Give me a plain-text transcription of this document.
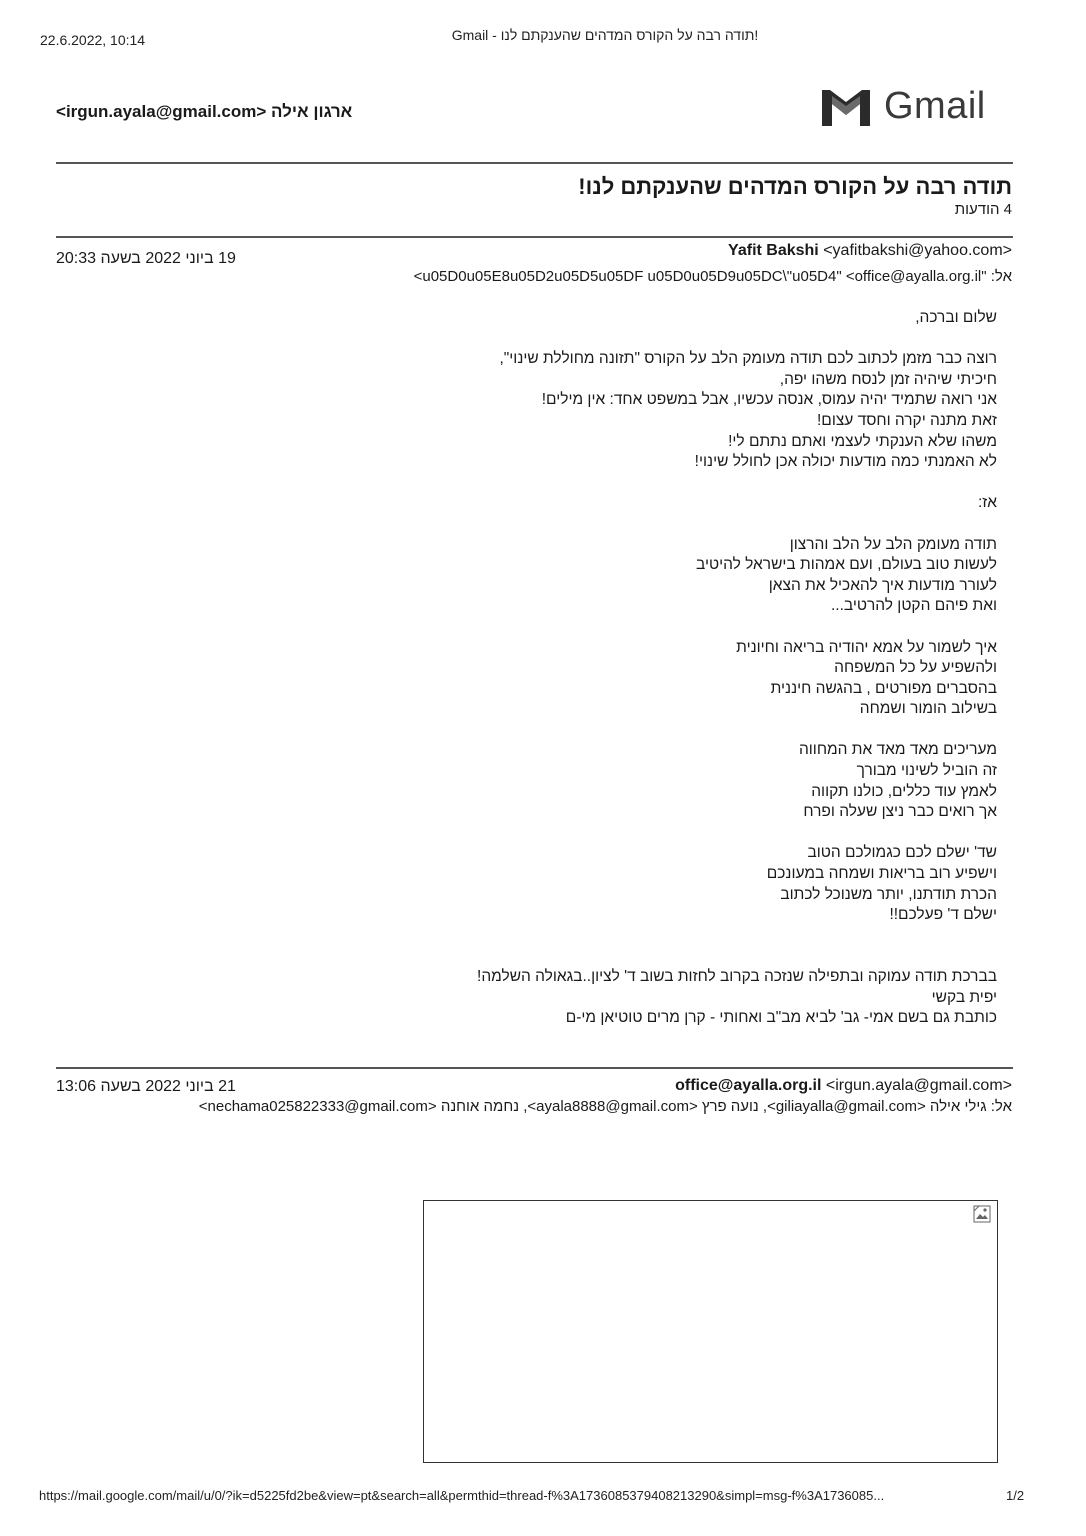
22.6.2022, 10:14	Gmail - תודה רבה על הקורס המדהים שהענקתם לנו!
Gmail
ארגון אילה <irgun.ayala@gmail.com>
תודה רבה על הקורס המדהים שהענקתם לנו!
4 הודעות
Yafit Bakshi <yafitbakshi@yahoo.com>
19 ביוני 2022 בשעה 20:33
אל: "u05D0u05E8u05D2u05D5u05DF u05D0u05D9u05DC\"u05D4" <office@ayalla.org.il>

שלום וברכה,

רוצה כבר מזמן לכתוב לכם תודה מעומק הלב על הקורס "תזונה מחוללת שינוי",

חיכיתי שיהיה זמן לנסח משהו יפה,

אני רואה שתמיד יהיה עמוס, אנסה עכשיו, אבל במשפט אחד: אין מילים!

זאת מתנה יקרה וחסד עצום!

משהו שלא הענקתי לעצמי ואתם נתתם לי!

לא האמנתי כמה מודעות יכולה אכן לחולל שינוי!

אז:

תודה מעומק הלב על הלב והרצון

לעשות טוב בעולם, ועם אמהות בישראל להיטיב

לעורר מודעות איך להאכיל את הצאן

ואת פיהם הקטן להרטיב...

איך לשמור על אמא יהודיה בריאה וחיונית

ולהשפיע על כל המשפחה

בהסברים מפורטים , בהגשה חיננית

בשילוב הומור ושמחה

מעריכים מאד מאד את המחווה

זה הוביל לשינוי מבורך

לאמץ עוד כללים, כולנו תקווה

אך רואים כבר ניצן שעלה ופרח

שד' ישלם לכם כגמולכם הטוב

וישפיע רוב בריאות ושמחה במעונכם

הכרת תודתנו, יותר משנוכל לכתוב

ישלם ד' פעלכם!!

בברכת תודה עמוקה ובתפילה שנזכה בקרוב לחזות בשוב ד' לציון..בגאולה השלמה!

יפית בקשי

כותבת גם בשם אמי- גב' לביא מב"ב ואחותי - קרן מרים טוטיאן מי-ם

office@ayalla.org.il <irgun.ayala@gmail.com>
21 ביוני 2022 בשעה 13:06
אל: גילי אילה <giliayalla@gmail.com>, נועה פרץ <ayala8888@gmail.com>, נחמה אוחנה <nechama025822333@gmail.com>
https://mail.google.com/mail/u/0/?ik=d5225fd2be&view=pt&search=all&permthid=thread-f%3A1736085379408213290&simpl=msg-f%3A1736085...	1/2
